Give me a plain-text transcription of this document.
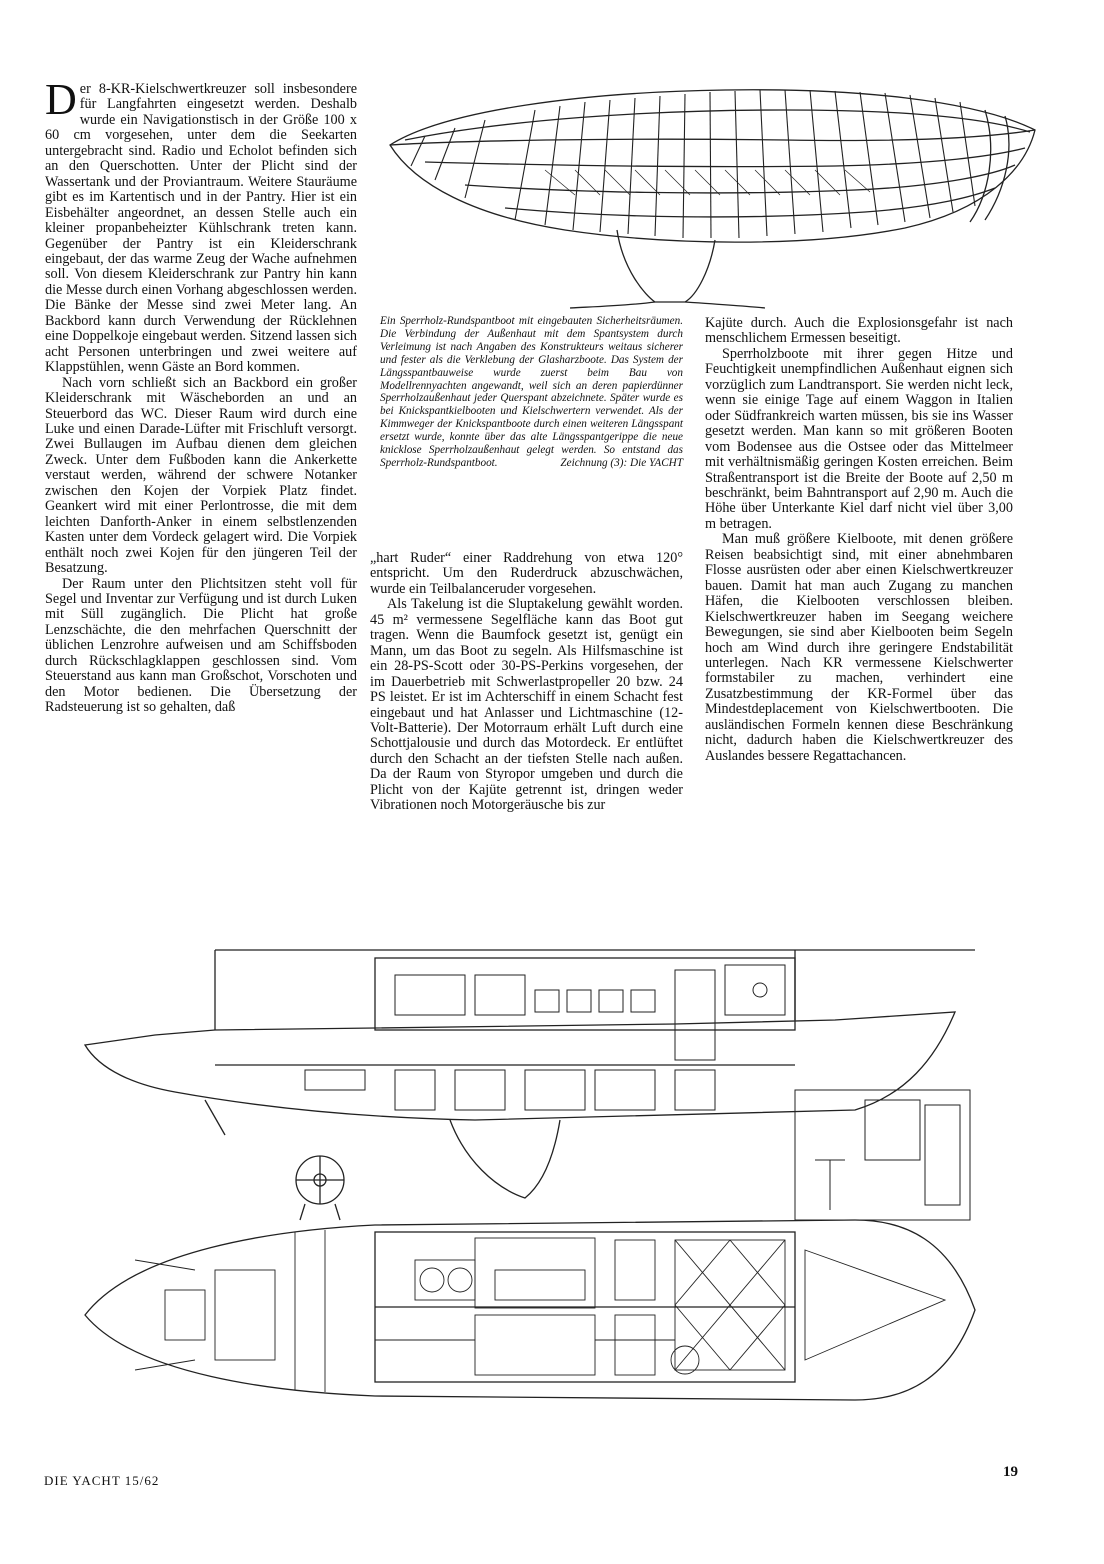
Der 8-KR-Kielschwertkreuzer soll insbesondere für Langfahrten eingesetzt werden. Deshalb wurde ein Navigationstisch in der Größe 100 x 60 cm vorgesehen, unter dem die Seekarten untergebracht sind. Radio und Echolot befinden sich an den Querschotten. Unter der Plicht sind der Wassertank und der Proviantraum. Weitere Stauräume gibt es im Kartentisch und in der Pantry. Hier ist ein Eisbehälter angeordnet, an dessen Stelle auch ein kleiner propanbeheizter Kühlschrank treten kann. Gegenüber der Pantry ist ein Kleiderschrank eingebaut, der das warme Zeug der Wache aufnehmen soll. Von diesem Kleiderschrank zur Pantry hin kann die Messe durch einen Vorhang abgeschlossen werden. Die Bänke der Messe sind zwei Meter lang. An Backbord kann durch Verwendung der Rücklehnen eine Doppelkoje eingebaut werden. Sitzend lassen sich acht Personen unterbringen und zwei weitere auf Klappstühlen, wenn Gäste an Bord kommen.

Nach vorn schließt sich an Backbord ein großer Kleiderschrank mit Wäscheborden an und an Steuerbord das WC. Dieser Raum wird durch eine Luke und einen Darade-Lüfter mit Frischluft versorgt. Zwei Bullaugen im Aufbau dienen dem gleichen Zweck. Unter dem Fußboden kann die Ankerkette verstaut werden, während der schwere Notanker zwischen den Kojen der Vorpiek Platz findet. Geankert wird mit einer Perlontrosse, die mit dem leichten Danforth-Anker in einem selbstlenzenden Kasten unter dem Vordeck gelagert wird. Die Vorpiek enthält noch zwei Kojen für den jüngeren Teil der Besatzung.

Der Raum unter den Plichtsitzen steht voll für Segel und Inventar zur Verfügung und ist durch Luken mit Süll zugänglich. Die Plicht hat große Lenzschächte, die den mehrfachen Querschnitt der üblichen Lenzrohre aufweisen und am Schiffsboden durch Rückschlagklappen geschlossen sind. Vom Steuerstand aus kann man Großschot, Vorschoten und den Motor bedienen. Die Übersetzung der Radsteuerung ist so gehalten, daß

Ein Sperrholz-Rundspantboot mit eingebauten Sicherheitsräumen. Die Verbindung der Außenhaut mit dem Spantsystem durch Verleimung ist nach Angaben des Konstrukteurs weitaus sicherer und fester als die Verklebung der Glasharzboote. Das System der Längsspantbauweise wurde zuerst beim Bau von Modellrennyachten angewandt, weil sich an deren papierdünner Sperrholzaußenhaut jeder Querspant abzeichnete. Später wurde es bei Knickspantkielbooten und Kielschwertern verwendet. Als der Kimmweger der Knickspantboote durch einen weiteren Längsspant ersetzt wurde, konnte über das alte Längsspantgerippe die neue knicklose Sperrholzaußenhaut gelegt werden. So entstand das Sperrholz-Rundspantboot.	Zeichnung (3): Die YACHT

„hart Ruder“ einer Raddrehung von etwa 120° entspricht. Um den Ruderdruck abzuschwächen, wurde ein Teilbalanceruder vorgesehen.

Als Takelung ist die Sluptakelung gewählt worden. 45 m² vermessene Segelfläche kann das Boot gut tragen. Wenn die Baumfock gesetzt ist, genügt ein Mann, um das Boot zu segeln. Als Hilfsmaschine ist ein 28-PS-Scott oder 30-PS-Perkins vorgesehen, der im Dauerbetrieb mit Schwerlastpropeller 20 bzw. 24 PS leistet. Er ist im Achterschiff in einem Schacht fest eingebaut und hat Anlasser und Lichtmaschine (12-Volt-Batterie). Der Motorraum erhält Luft durch eine Schottjalousie und durch das Motordeck. Er entlüftet durch den Schacht an der tiefsten Stelle nach außen. Da der Raum von Styropor umgeben und durch die Plicht von der Kajüte getrennt ist, dringen weder Vibrationen noch Motorgeräusche bis zur

Kajüte durch. Auch die Explosionsgefahr ist nach menschlichem Ermessen beseitigt.

Sperrholzboote mit ihrer gegen Hitze und Feuchtigkeit unempfindlichen Außenhaut eignen sich vorzüglich zum Landtransport. Sie werden nicht leck, wenn sie einige Tage auf einem Waggon in Italien oder Südfrankreich warten müssen, bis sie ins Wasser gesetzt werden. Man kann so mit größeren Booten vom Bodensee aus die Ostsee oder das Mittelmeer mit verhältnismäßig geringen Kosten erreichen. Beim Straßentransport ist die Breite der Boote auf 2,50 m beschränkt, beim Bahntransport auf 2,90 m. Auch die Höhe über Unterkante Kiel darf nicht viel über 3,00 m betragen.

Man muß größere Kielboote, mit denen größere Reisen beabsichtigt sind, mit einer abnehmbaren Flosse ausrüsten oder aber einen Kielschwertkreuzer bauen. Damit hat man auch Zugang zu manchen Häfen, die Kielbooten verschlossen bleiben. Kielschwertkreuzer haben im Seegang weichere Bewegungen, sie sind aber Kielbooten beim Segeln hoch am Wind durch ihre geringere Endstabilität unterlegen. Nach KR vermessene Kielschwerter formstabiler zu machen, verhindert eine Zusatzbestimmung der KR-Formel über das Mindestdeplacement von Kielschwertbooten. Die ausländischen Formeln kennen diese Beschränkung nicht, dadurch haben die Kielschwertkreuzer des Auslandes bessere Regattachancen.

DIE YACHT 15/62
19
